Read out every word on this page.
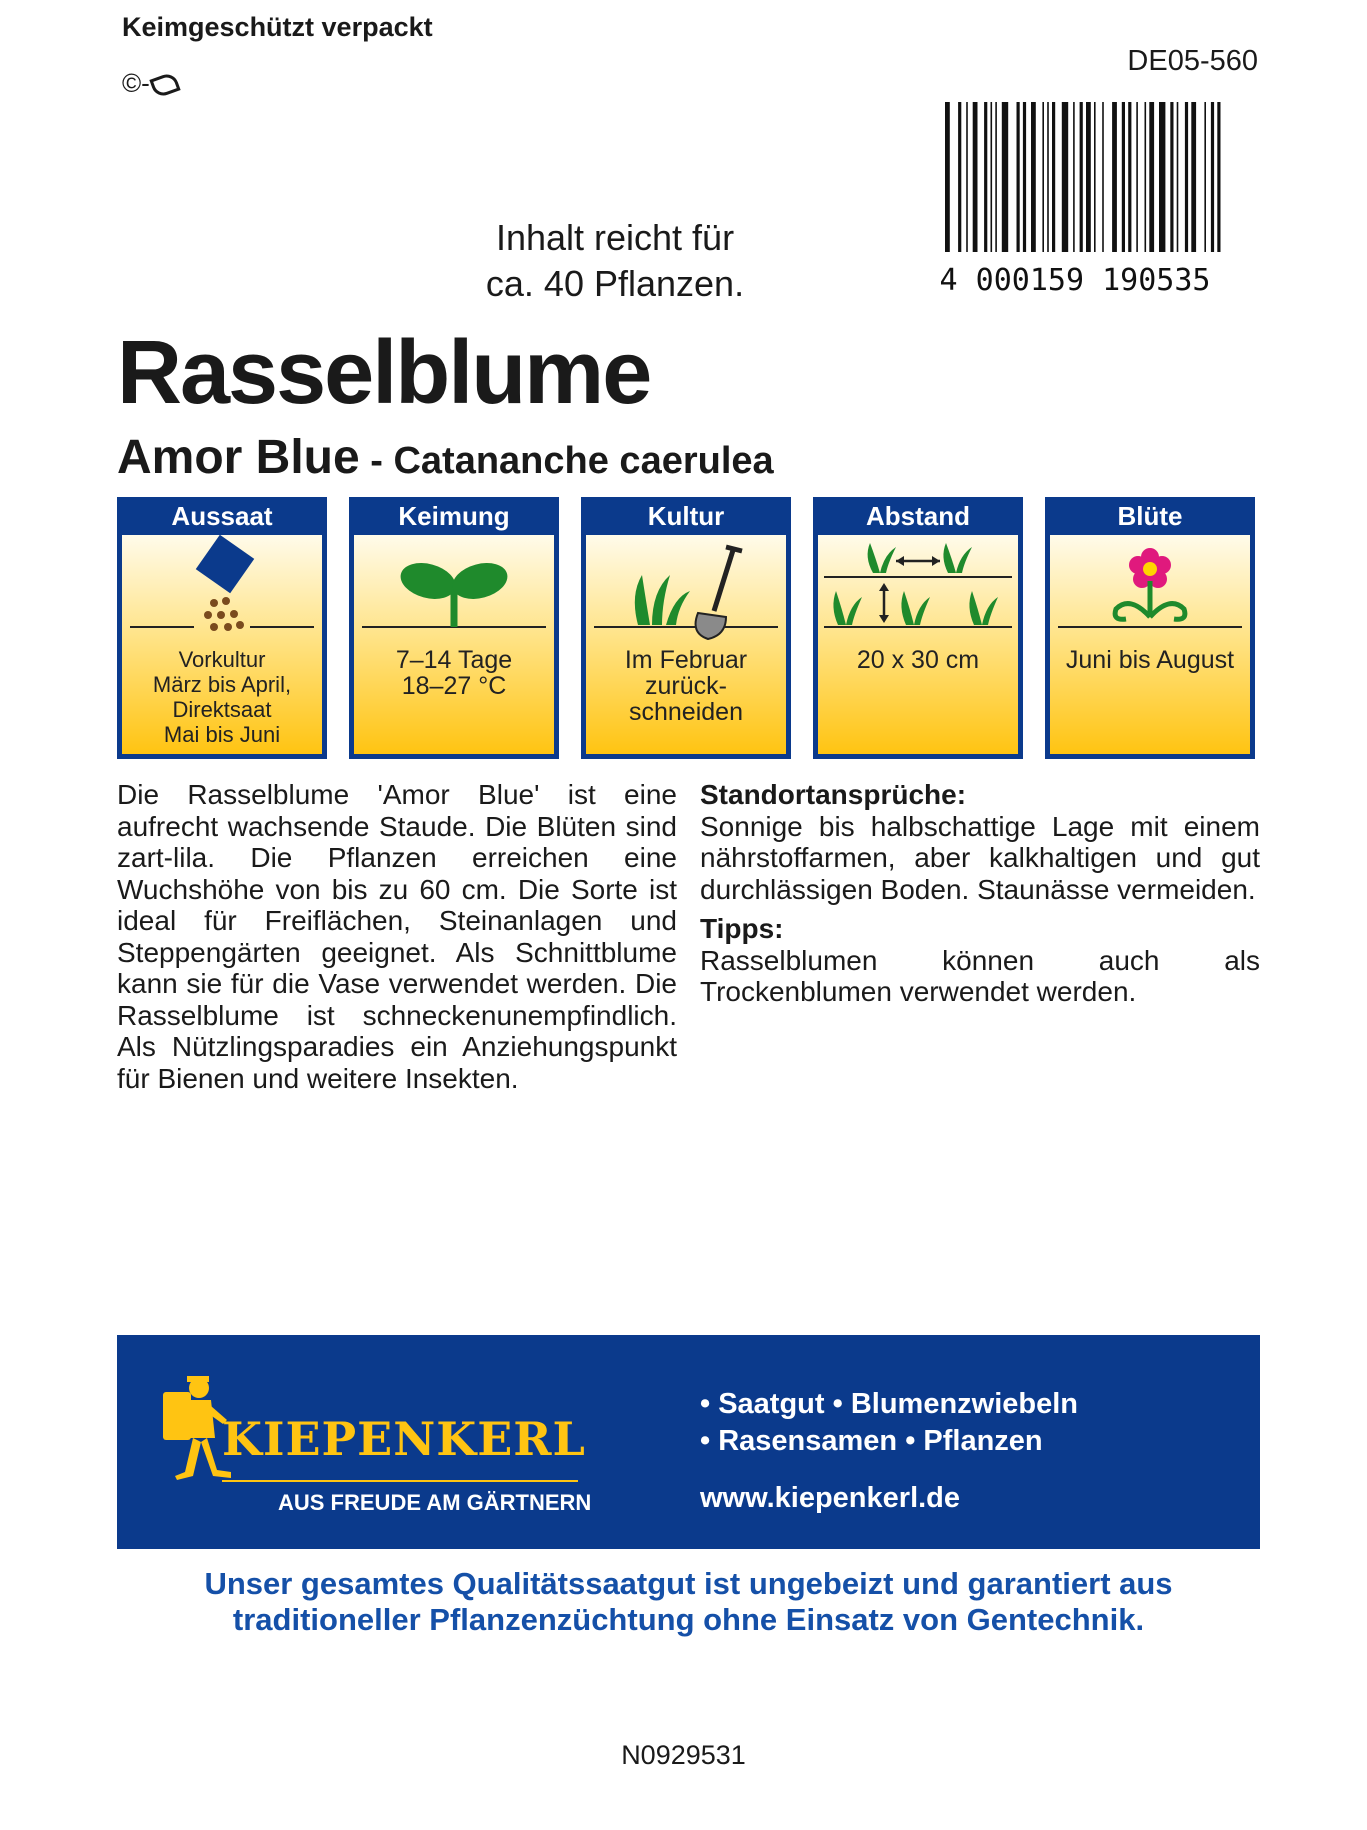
Keimgeschützt verpackt
©-
DE05-560
4 000159 190535
Inhalt reicht für
ca. 40 Pflanzen.
Rasselblume
Amor Blue - Catananche caerulea
Aussaat
Vorkultur
März bis April,
Direktsaat
Mai bis Juni
Keimung
7–14 Tage
18–27 °C
Kultur
Im Februar
zurück-
schneiden
Abstand
20 x 30 cm
Blüte
Juni bis August
Die Rasselblume 'Amor Blue' ist eine aufrecht wachsende Staude. Die Blüten sind zart-lila. Die Pflanzen erreichen eine Wuchshöhe von bis zu 60 cm. Die Sorte ist ideal für Freiflächen, Steinanlagen und Steppengärten geeignet. Als Schnittblume kann sie für die Vase verwendet werden. Die Rasselblume ist schneckenunempfindlich. Als Nützlingsparadies ein Anziehungspunkt für Bienen und weitere Insekten.
Standortansprüche:
Sonnige bis halbschattige Lage mit einem nährstoffarmen, aber kalkhaltigen und gut durchlässigen Boden. Staunässe vermeiden.
Tipps:
Rasselblumen können auch als Trockenblumen verwendet werden.
KIEPENKERL
AUS FREUDE AM GÄRTNERN
• Saatgut • Blumenzwiebeln
• Rasensamen • Pflanzen
www.kiepenkerl.de
Unser gesamtes Qualitätssaatgut ist ungebeizt und garantiert aus
traditioneller Pflanzenzüchtung ohne Einsatz von Gentechnik.
N0929531
